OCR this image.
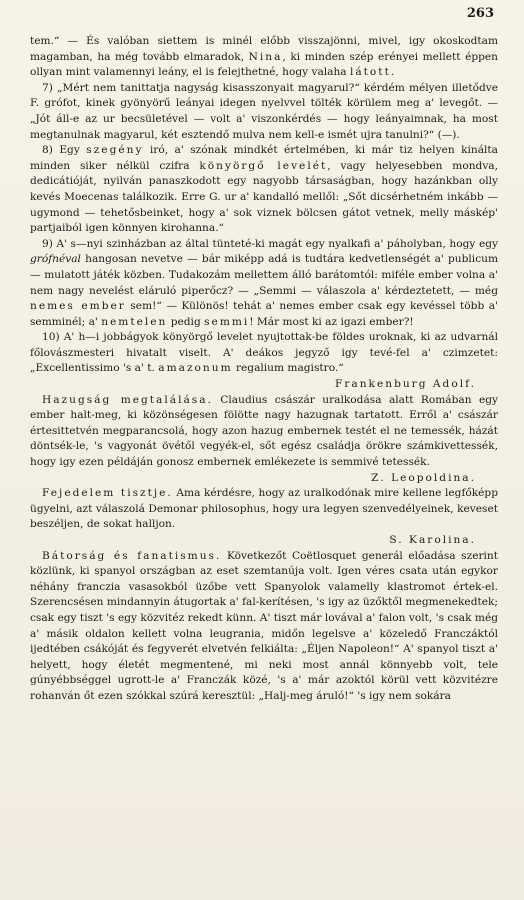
263

tem.“ — És valóban siettem is minél előbb visszajönni, mivel, igy okoskodtam magamban, ha még tovább elmaradok, Nina, ki minden szép erényei mellett éppen ollyan mint valamennyi leány, el is felejthetné, hogy valaha látott.

7) „Mért nem tanittatja nagyság kisasszonyait magyarul?“ kérdém mélyen illetődve F. grófot, kinek gyönyörű leányai idegen nyelvvel tölték körülem meg a' levegőt. — „Jót áll-e az ur becsületével — volt a' viszonkérdés — hogy leányaimnak, ha most megtanulnak magyarul, két esztendő mulva nem kell-e ismét ujra tanulni?“ (—).

8) Egy szegény iró, a' szónak mindkét értelmében, ki már tiz helyen kinálta minden siker nélkül czifra könyörgő levelét, vagy helyesebben mondva, dedicátióját, nyilván panaszkodott egy nagyobb társaságban, hogy hazánkban olly kevés Moecenas találkozik. Erre G. ur a' kandalló mellől: „Sőt dicsérhetném inkább — ugymond — tehetősbeinket, hogy a' sok viznek bölcsen gátot vetnek, melly máskép' partjaiból igen könnyen kirohanna.“

9) A' s—nyi szinházban az által tünteté-ki magát egy nyalkafi a' páholyban, hogy egy grófnéval hangosan nevetve — bár miképp adá is tudtára kedvetlenségét a' publicum — mulatott játék közben. Tudakozám mellettem álló barátomtól: miféle ember volna a' nem nagy nevelést eláruló piperőcz? — „Semmi — válaszola a' kérdeztetett, — még nemes ember sem!“ — Különös! tehát a' nemes ember csak egy kevéssel több a' semminél; a' nemtelen pedig semmi! Már most ki az igazi ember?!

10) A' h—i jobbágyok könyörgő levelet nyujtottak-be földes uroknak, ki az udvarnál főlovászmesteri hivatalt viselt. A' deákos jegyző igy tevé-fel a' czimzetet: „Excellentissimo 's a' t. amazonum regalium magistro.“

Frankenburg Adolf.

Hazugság megtalálása. Claudius császár uralkodása alatt Romában egy ember halt-meg, ki közönségesen fölötte nagy hazugnak tartatott. Erről a' császár értesittetvén megparancsolá, hogy azon hazug embernek testét el ne temessék, házát döntsék-le, 's vagyonát övétől vegyék-el, sőt egész családja örökre számkivettessék, hogy igy ezen példáján gonosz embernek emlékezete is semmivé tetessék.

Z. Leopoldina.

Fejedelem tisztje. Ama kérdésre, hogy az uralkodónak mire kellene legfőképp ügyelni, azt válaszolá Demonar philosophus, hogy ura legyen szenvedélyeinek, keveset beszéljen, de sokat halljon.

S. Karolina.

Bátorság és fanatismus. Következőt Coëtlosquet generál előadása szerint közlünk, ki spanyol országban az eset szemtanúja volt. Igen véres csata után egykor néhány franczia vasasokból üzőbe vett Spanyolok valamelly klastromot értek-el. Szerencsésen mindannyin átugortak a' fal-kerítésen, 's igy az üzőktől megmenekedtek; csak egy tiszt 's egy közvitéz rekedt künn. A' tiszt már lovával a' falon volt, 's csak még a' másik oldalon kellett volna leugrania, midőn legelsve a' közeledő Franczáktól ijedtében csákóját és fegyverét elvetvén felkiálta: „Éljen Napoleon!“ A' spanyol tiszt a' helyett, hogy életét megmentené, mi neki most annál könnyebb volt, tele gúnyébbséggel ugrott-le a' Franczák közé, 's a' már azoktól körül vett közvitézre rohanván őt ezen szókkal szúrá keresztül: „Halj-meg áruló!“ 's igy nem sokára
